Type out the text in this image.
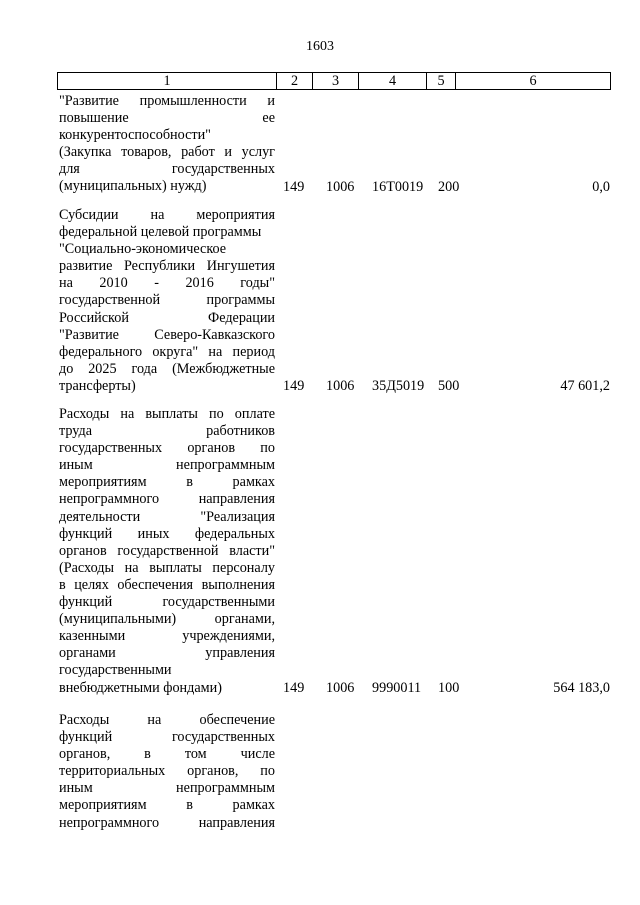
1603
1	2	3	4	5	6
"Развитие промышленности и
повышение ее
конкурентоспособности"
(Закупка товаров, работ и услуг
для государственных
(муниципальных) нужд)	149 1006 16Т0019 200	0,0
Субсидии на мероприятия
федеральной целевой программы
"Социально-экономическое
развитие Республики Ингушетия
на 2010 - 2016 годы"
государственной программы
Российской Федерации
"Развитие Северо-Кавказского
федерального округа" на период
до 2025 года (Межбюджетные
трансферты)	149 1006 35Д5019 500	47 601,2
Расходы на выплаты по оплате
труда работников
государственных органов по
иным непрограммным
мероприятиям в рамках
непрограммного направления
деятельности "Реализация
функций иных федеральных
органов государственной власти"
(Расходы на выплаты персоналу
в целях обеспечения выполнения
функций государственными
(муниципальными) органами,
казенными учреждениями,
органами управления
государственными
внебюджетными фондами)	149 1006 9990011 100	564 183,0
Расходы на обеспечение
функций государственных
органов, в том числе
территориальных органов, по
иным непрограммным
мероприятиям в рамках
непрограммного направления
